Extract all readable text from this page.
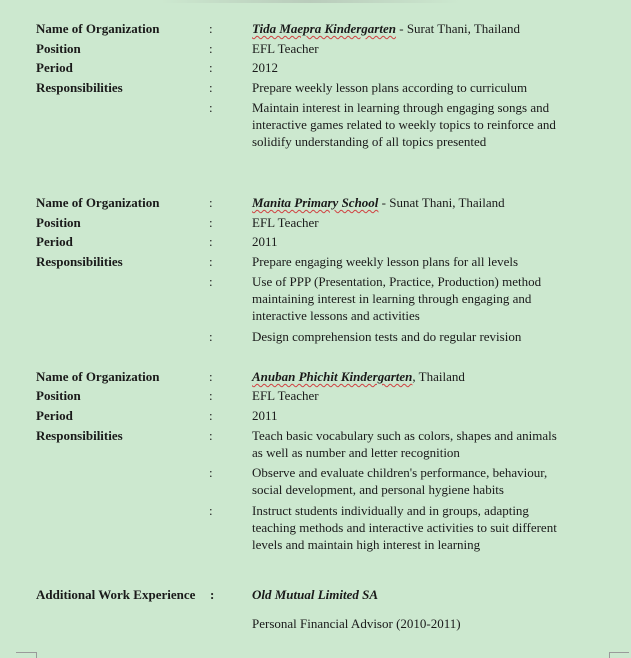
Name of Organization	:	Tida Maepra Kindergarten - Surat Thani, Thailand
Position	:	EFL Teacher
Period	:	2012
Responsibilities	:	Prepare weekly lesson plans according to curriculum
:	Maintain interest in learning through engaging songs and interactive games related to weekly topics to reinforce and solidify understanding of all topics presented
Name of Organization	:	Manita Primary School - Sunat Thani, Thailand
Position	:	EFL Teacher
Period	:	2011
Responsibilities	:	Prepare engaging weekly lesson plans for all levels
:	Use of PPP (Presentation, Practice, Production) method maintaining interest in learning through engaging and interactive lessons and activities
:	Design comprehension tests and do regular revision
Name of Organization	:	Anuban Phichit Kindergarten, Thailand
Position	:	EFL Teacher
Period	:	2011
Responsibilities	:	Teach basic vocabulary such as colors, shapes and animals as well as number and letter recognition
:	Observe and evaluate children's performance, behaviour, social development, and personal hygiene habits
:	Instruct students individually and in groups, adapting teaching methods and interactive activities to suit different levels and maintain high interest in learning
Additional Work Experience :	Old Mutual Limited SA
Personal Financial Advisor (2010-2011)
